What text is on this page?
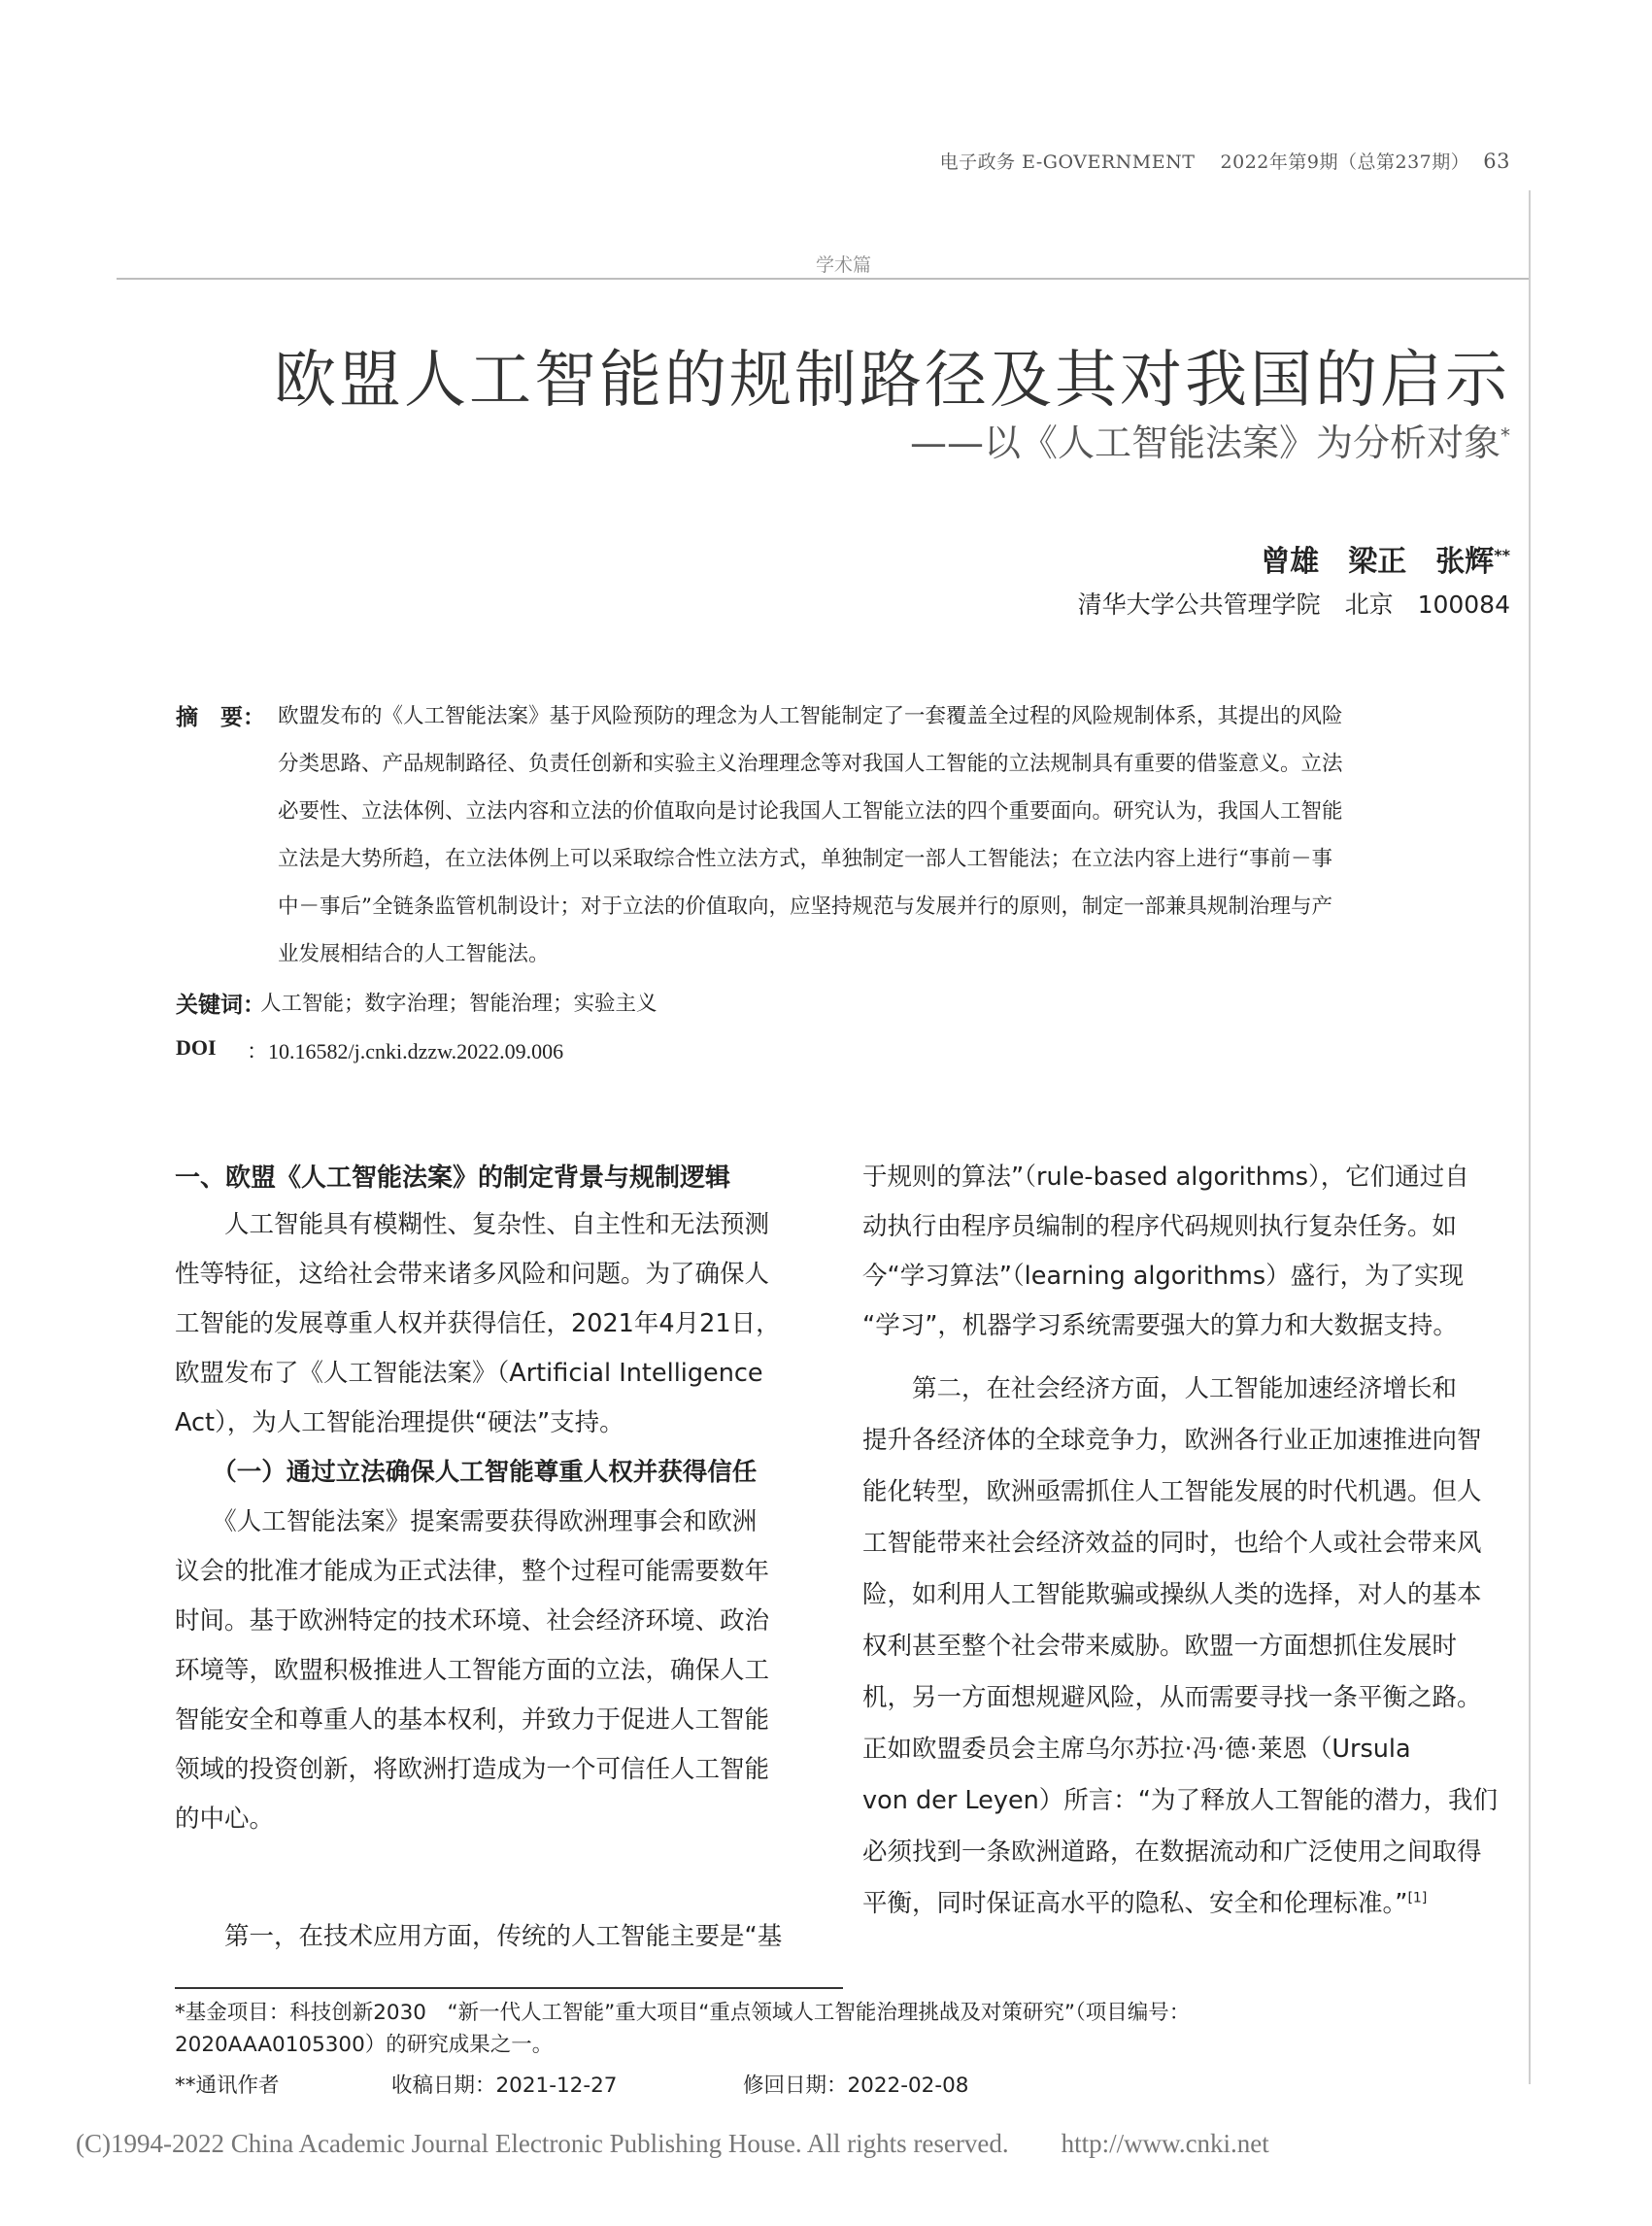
电子政务 E-GOVERNMENT 2022年第9期（总第237期） 63
学术篇
欧盟人工智能的规制路径及其对我国的启示
——以《人工智能法案》为分析对象*
曾雄　梁正　张辉**
清华大学公共管理学院　北京　100084
摘　要： 欧盟发布的《人工智能法案》基于风险预防的理念为人工智能制定了一套覆盖全过程的风险规制体系，其提出的风险
分类思路、产品规制路径、负责任创新和实验主义治理理念等对我国人工智能的立法规制具有重要的借鉴意义。立法
必要性、立法体例、立法内容和立法的价值取向是讨论我国人工智能立法的四个重要面向。研究认为，我国人工智能
立法是大势所趋，在立法体例上可以采取综合性立法方式，单独制定一部人工智能法；在立法内容上进行“事前－事
中－事后”全链条监管机制设计；对于立法的价值取向，应坚持规范与发展并行的原则，制定一部兼具规制治理与产
业发展相结合的人工智能法。
关键词：
人工智能；数字治理；智能治理；实验主义
DOI ：10.16582/j.cnki.dzzw.2022.09.006
一、欧盟《人工智能法案》的制定背景与规制逻辑
　　人工智能具有模糊性、复杂性、自主性和无法预测
性等特征，这给社会带来诸多风险和问题。为了确保人
工智能的发展尊重人权并获得信任，2021年4月21日，
欧盟发布了《人工智能法案》（Artificial Intelligence
Act），为人工智能治理提供“硬法”支持。
　　（一）通过立法确保人工智能尊重人权并获得信任
　　《人工智能法案》提案需要获得欧洲理事会和欧洲
议会的批准才能成为正式法律，整个过程可能需要数年
时间。基于欧洲特定的技术环境、社会经济环境、政治
环境等，欧盟积极推进人工智能方面的立法，确保人工
智能安全和尊重人的基本权利，并致力于促进人工智能
领域的投资创新，将欧洲打造成为一个可信任人工智能
的中心。
　　第一，在技术应用方面，传统的人工智能主要是“基
于规则的算法”（rule-based algorithms），它们通过自
动执行由程序员编制的程序代码规则执行复杂任务。如
今“学习算法”（learning algorithms）盛行，为了实现
“学习”，机器学习系统需要强大的算力和大数据支持。
　　第二，在社会经济方面，人工智能加速经济增长和
提升各经济体的全球竞争力，欧洲各行业正加速推进向智
能化转型，欧洲亟需抓住人工智能发展的时代机遇。但人
工智能带来社会经济效益的同时，也给个人或社会带来风
险，如利用人工智能欺骗或操纵人类的选择，对人的基本
权利甚至整个社会带来威胁。欧盟一方面想抓住发展时
机，另一方面想规避风险，从而需要寻找一条平衡之路。
正如欧盟委员会主席乌尔苏拉·冯·德·莱恩（Ursula
von der Leyen）所言：“为了释放人工智能的潜力，我们
必须找到一条欧洲道路，在数据流动和广泛使用之间取得
平衡，同时保证高水平的隐私、安全和伦理标准。”[1]
*基金项目：科技创新2030　“新一代人工智能”重大项目“重点领域人工智能治理挑战及对策研究”（项目编号：
2020AAA0105300）的研究成果之一。
**通讯作者	收稿日期：2021-12-27	修回日期：2022-02-08
(C)1994-2022 China Academic Journal Electronic Publishing House. All rights reserved.　　http://www.cnki.net
